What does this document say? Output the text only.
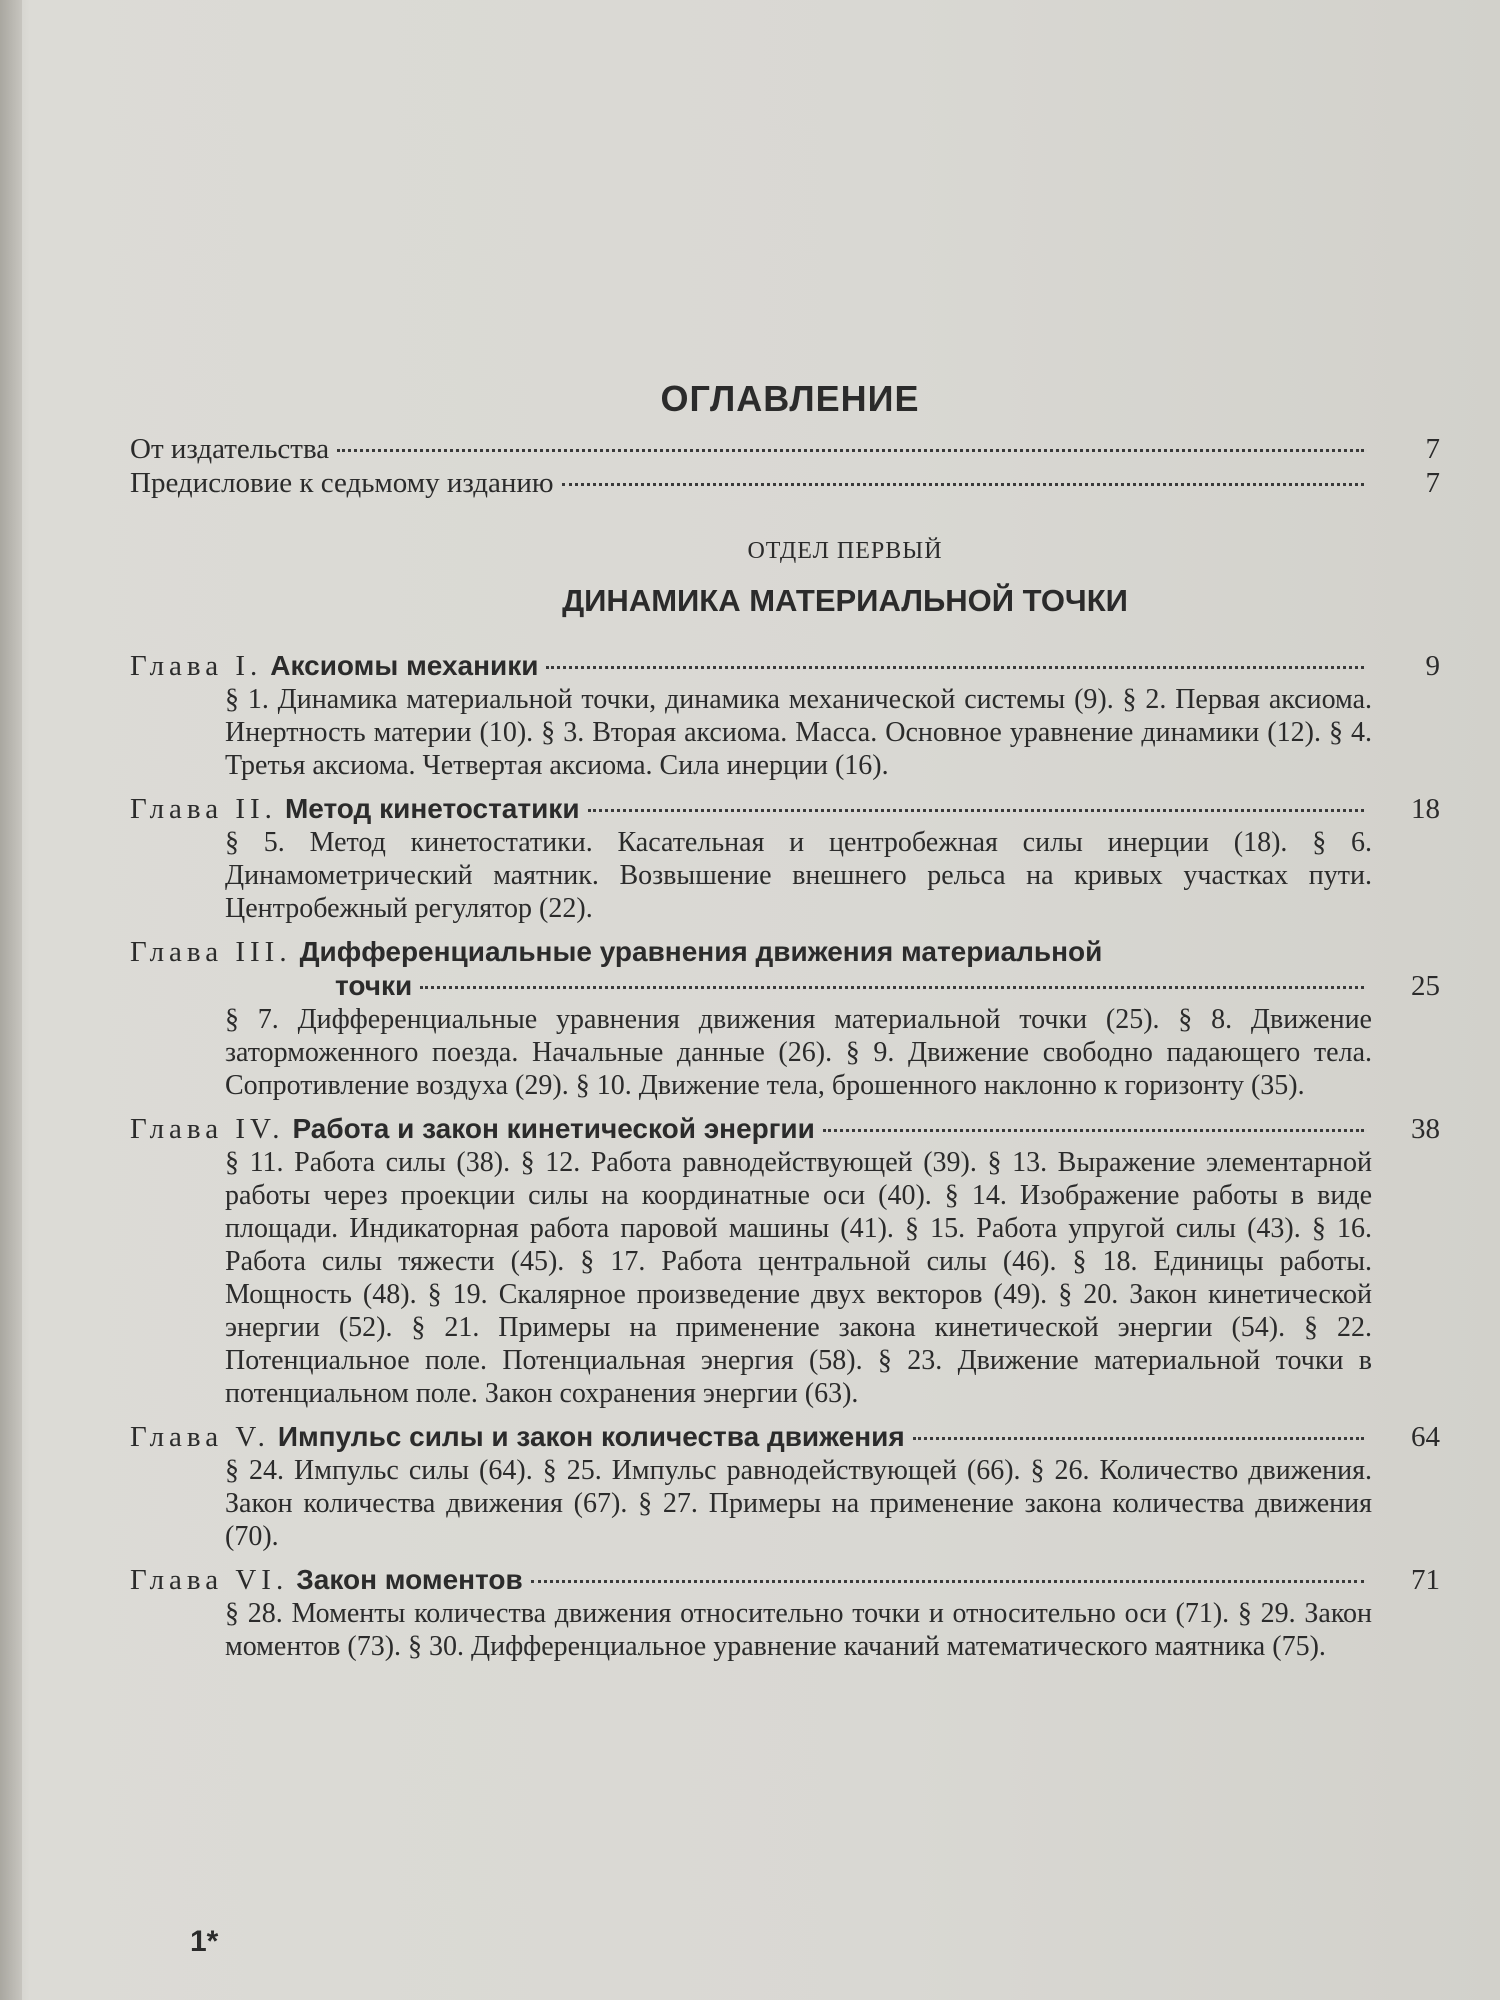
ОГЛАВЛЕНИЕ
От издательства	7
Предисловие к седьмому изданию	7
ОТДЕЛ ПЕРВЫЙ
ДИНАМИКА МАТЕРИАЛЬНОЙ ТОЧКИ
Глава I. Аксиомы механики	9
§ 1. Динамика материальной точки, динамика механической системы (9). § 2. Первая аксиома. Инертность материи (10). § 3. Вторая аксиома. Масса. Основное уравнение динамики (12). § 4. Третья аксиома. Четвертая аксиома. Сила инерции (16).
Глава II. Метод кинетостатики	18
§ 5. Метод кинетостатики. Касательная и центробежная силы инерции (18). § 6. Динамометрический маятник. Возвышение внешнего рельса на кривых участках пути. Центробежный регулятор (22).
Глава III. Дифференциальные уравнения движения материальной
точки	25
§ 7. Дифференциальные уравнения движения материальной точки (25). § 8. Движение заторможенного поезда. Начальные данные (26). § 9. Движение свободно падающего тела. Сопротивление воздуха (29). § 10. Движение тела, брошенного наклонно к горизонту (35).
Глава IV. Работа и закон кинетической энергии	38
§ 11. Работа силы (38). § 12. Работа равнодействующей (39). § 13. Выражение элементарной работы через проекции силы на координатные оси (40). § 14. Изображение работы в виде площади. Индикаторная работа паровой машины (41). § 15. Работа упругой силы (43). § 16. Работа силы тяжести (45). § 17. Работа центральной силы (46). § 18. Единицы работы. Мощность (48). § 19. Скалярное произведение двух векторов (49). § 20. Закон кинетической энергии (52). § 21. Примеры на применение закона кинетической энергии (54). § 22. Потенциальное поле. Потенциальная энергия (58). § 23. Движение материальной точки в потенциальном поле. Закон сохранения энергии (63).
Глава V. Импульс силы и закон количества движения	64
§ 24. Импульс силы (64). § 25. Импульс равнодействующей (66). § 26. Количество движения. Закон количества движения (67). § 27. Примеры на применение закона количества движения (70).
Глава VI. Закон моментов	71
§ 28. Моменты количества движения относительно точки и относительно оси (71). § 29. Закон моментов (73). § 30. Дифференциальное уравнение качаний математического маятника (75).
1*
